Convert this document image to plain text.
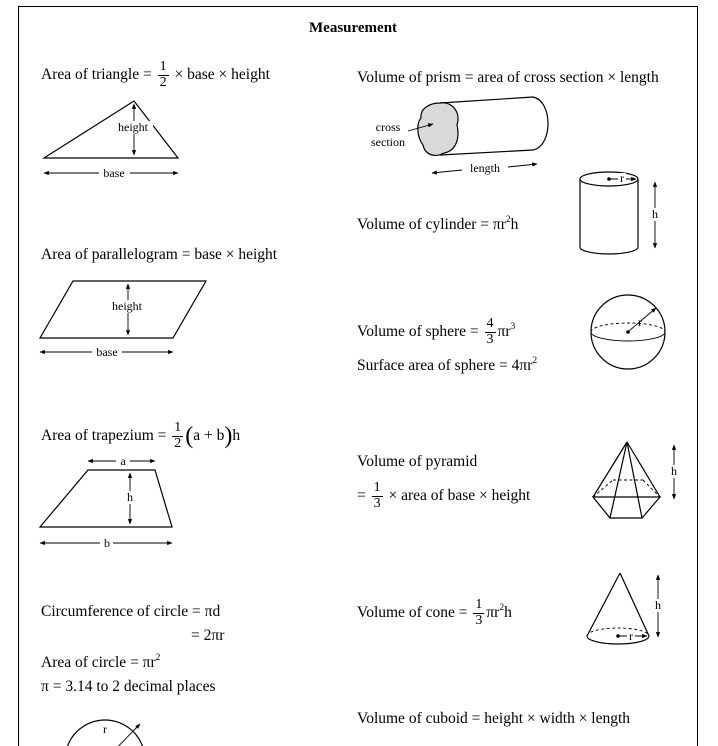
Measurement
Area of triangle = $\frac{1}{2}$ × base × height
Area of parallelogram = base × height
Area of trapezium = $\frac{1}{2} (a + b)h$
Circumference of circle = πd
= 2πr
Area of circle = $\pi r^2$
π = 3.14 to 2 decimal places
Volume of prism = area of cross section × length
Volume of cylinder = $\pi r^2h$
Volume of sphere = $\frac{4}{3} \pi r^3$
Surface area of sphere = $4\pi r^2$
Volume of pyramid
= $\frac{1}{3}$ × area of base × height
Volume of cone = $\frac{1}{3} \pi r^2h$
Volume of cuboid = height × width × length
height
base
height
base
a
h
b
r
cross
section
length
r
h
r
h
r
h
